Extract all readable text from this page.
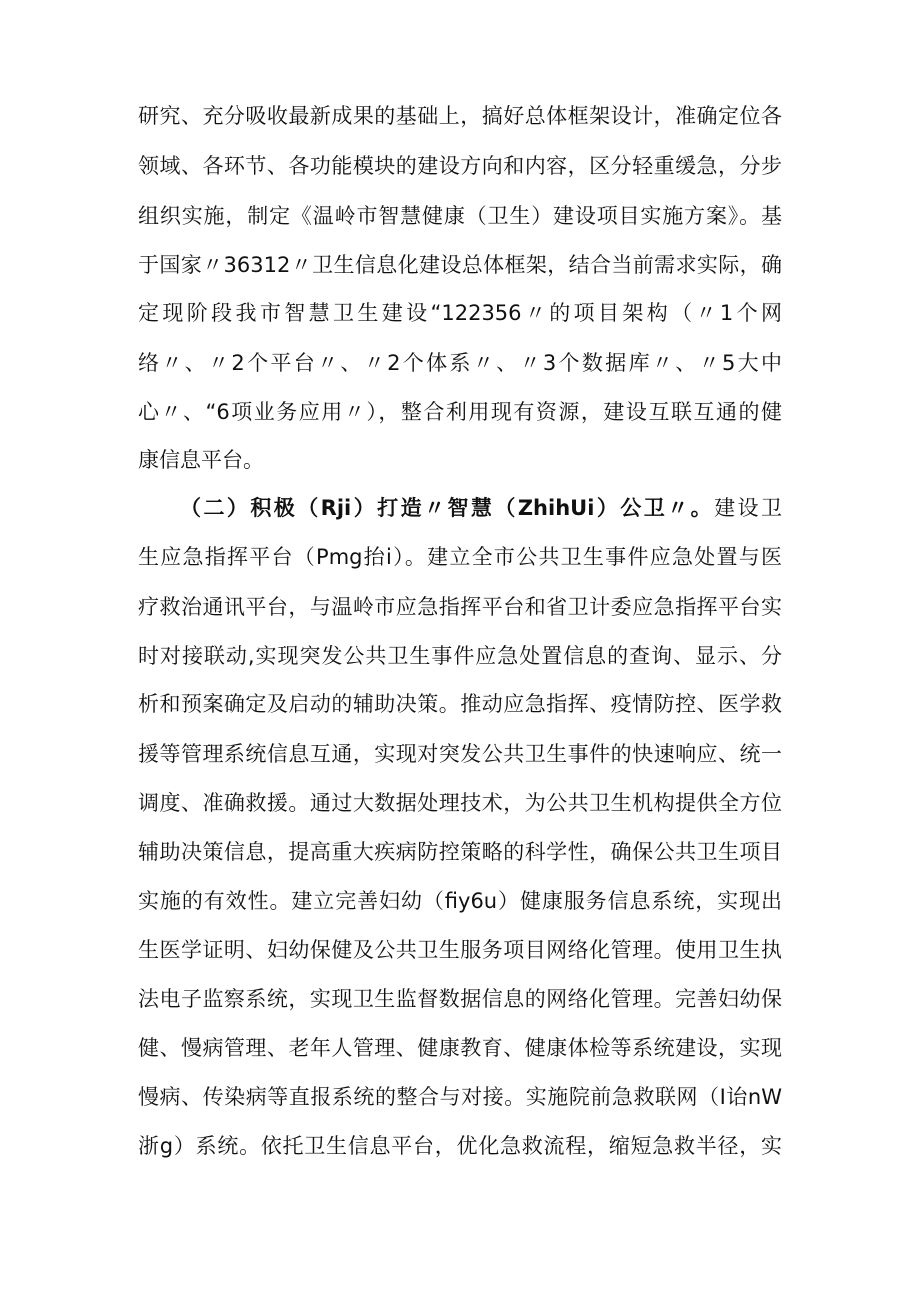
研究、充分吸收最新成果的基础上，搞好总体框架设计，准确定位各
领域、各环节、各功能模块的建设方向和内容，区分轻重缓急，分步
组织实施，制定《温岭市智慧健康（卫生）建设项目实施方案》。基
于国家〃36312〃卫生信息化建设总体框架，结合当前需求实际，确
定现阶段我市智慧卫生建设“122356〃的项目架构（〃1个网
络〃、〃2个平台〃、〃2个体系〃、〃3个数据库〃、〃5大中
心〃、“6项业务应用〃），整合利用现有资源，建设互联互通的健
康信息平台。
（二）积极（Rji）打造〃智慧（ZhihUi）公卫〃。建设卫
生应急指挥平台（Pmg抬i）。建立全市公共卫生事件应急处置与医
疗救治通讯平台，与温岭市应急指挥平台和省卫计委应急指挥平台实
时对接联动,实现突发公共卫生事件应急处置信息的查询、显示、分
析和预案确定及启动的辅助决策。推动应急指挥、疫情防控、医学救
援等管理系统信息互通，实现对突发公共卫生事件的快速响应、统一
调度、准确救援。通过大数据处理技术，为公共卫生机构提供全方位
辅助决策信息，提高重大疾病防控策略的科学性，确保公共卫生项目
实施的有效性。建立完善妇幼（fiy6u）健康服务信息系统，实现出
生医学证明、妇幼保健及公共卫生服务项目网络化管理。使用卫生执
法电子监察系统，实现卫生监督数据信息的网络化管理。完善妇幼保
健、慢病管理、老年人管理、健康教育、健康体检等系统建设，实现
慢病、传染病等直报系统的整合与对接。实施院前急救联网（I诒nW
浙g）系统。依托卫生信息平台，优化急救流程，缩短急救半径，实
